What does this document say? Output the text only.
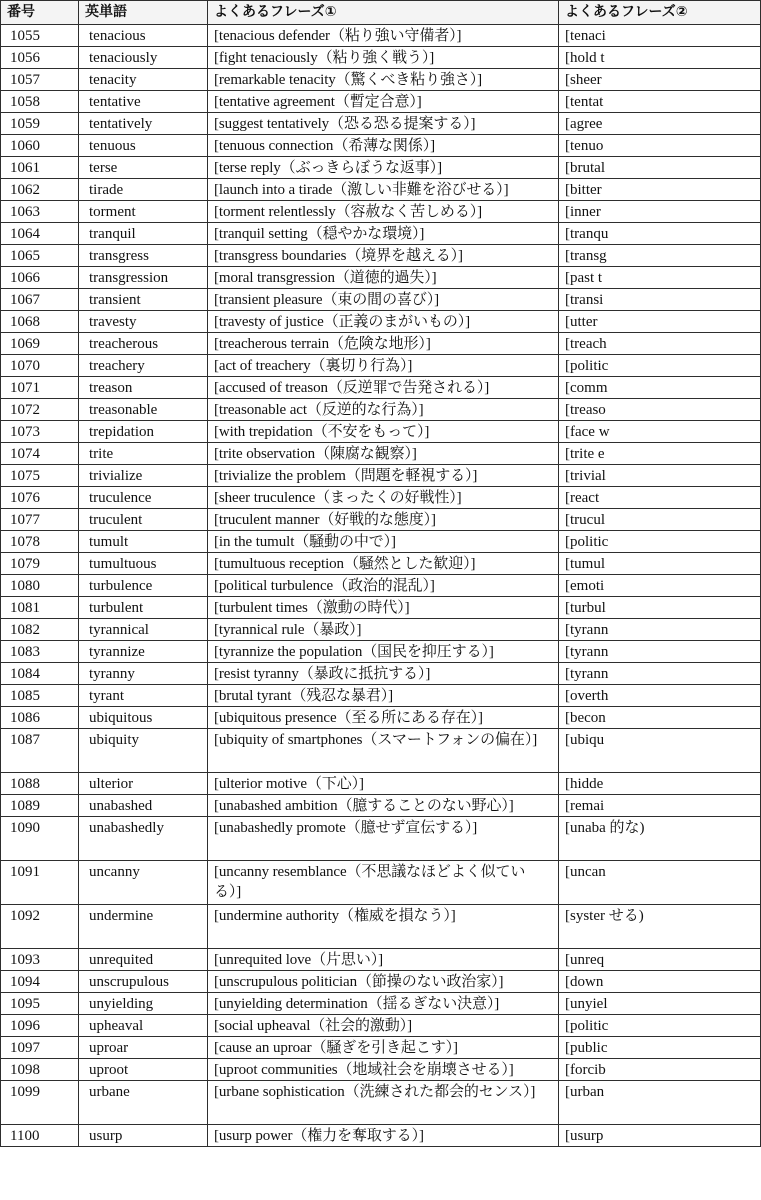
番号	英単語	よくあるフレーズ①	よくあるフレーズ②
1055	tenacious	[tenacious defender（粘り強い守備者）]	[tenaci
1056	tenaciously	[fight tenaciously（粘り強く戦う）]	[hold t
1057	tenacity	[remarkable tenacity（驚くべき粘り強さ）]	[sheer
1058	tentative	[tentative agreement（暫定合意）]	[tentat
1059	tentatively	[suggest tentatively（恐る恐る提案する）]	[agree
1060	tenuous	[tenuous connection（希薄な関係）]	[tenuo
1061	terse	[terse reply（ぶっきらぼうな返事）]	[brutal
1062	tirade	[launch into a tirade（激しい非難を浴びせる）]	[bitter
1063	torment	[torment relentlessly（容赦なく苦しめる）]	[inner
1064	tranquil	[tranquil setting（穏やかな環境）]	[tranqu
1065	transgress	[transgress boundaries（境界を越える）]	[transg
1066	transgression	[moral transgression（道徳的過失）]	[past t
1067	transient	[transient pleasure（束の間の喜び）]	[transi
1068	travesty	[travesty of justice（正義のまがいもの）]	[utter
1069	treacherous	[treacherous terrain（危険な地形）]	[treach
1070	treachery	[act of treachery（裏切り行為）]	[politic
1071	treason	[accused of treason（反逆罪で告発される）]	[comm
1072	treasonable	[treasonable act（反逆的な行為）]	[treaso
1073	trepidation	[with trepidation（不安をもって）]	[face w
1074	trite	[trite observation（陳腐な観察）]	[trite e
1075	trivialize	[trivialize the problem（問題を軽視する）]	[trivial
1076	truculence	[sheer truculence（まったくの好戦性）]	[react
1077	truculent	[truculent manner（好戦的な態度）]	[trucul
1078	tumult	[in the tumult（騒動の中で）]	[politic
1079	tumultuous	[tumultuous reception（騒然とした歓迎）]	[tumul
1080	turbulence	[political turbulence（政治的混乱）]	[emoti
1081	turbulent	[turbulent times（激動の時代）]	[turbul
1082	tyrannical	[tyrannical rule（暴政）]	[tyrann
1083	tyrannize	[tyrannize the population（国民を抑圧する）]	[tyrann
1084	tyranny	[resist tyranny（暴政に抵抗する）]	[tyrann
1085	tyrant	[brutal tyrant（残忍な暴君）]	[overth
1086	ubiquitous	[ubiquitous presence（至る所にある存在）]	[becon
1087	ubiquity	[ubiquity of smartphones（スマートフォンの偏在）]	[ubiqu
1088	ulterior	[ulterior motive（下心）]	[hidde
1089	unabashed	[unabashed ambition（臆することのない野心）]	[remai
1090	unabashedly	[unabashedly promote（臆せず宣伝する）]	[unaba 的な)
1091	uncanny	[uncanny resemblance（不思議なほどよく似ている）]	[uncan
1092	undermine	[undermine authority（権威を損なう）]	[syster せる)
1093	unrequited	[unrequited love（片思い）]	[unreq
1094	unscrupulous	[unscrupulous politician（節操のない政治家）]	[down
1095	unyielding	[unyielding determination（揺るぎない決意）]	[unyiel
1096	upheaval	[social upheaval（社会的激動）]	[politic
1097	uproar	[cause an uproar（騒ぎを引き起こす）]	[public
1098	uproot	[uproot communities（地域社会を崩壊させる）]	[forcib
1099	urbane	[urbane sophistication（洗練された都会的センス）]	[urban
1100	usurp	[usurp power（権力を奪取する）]	[usurp
